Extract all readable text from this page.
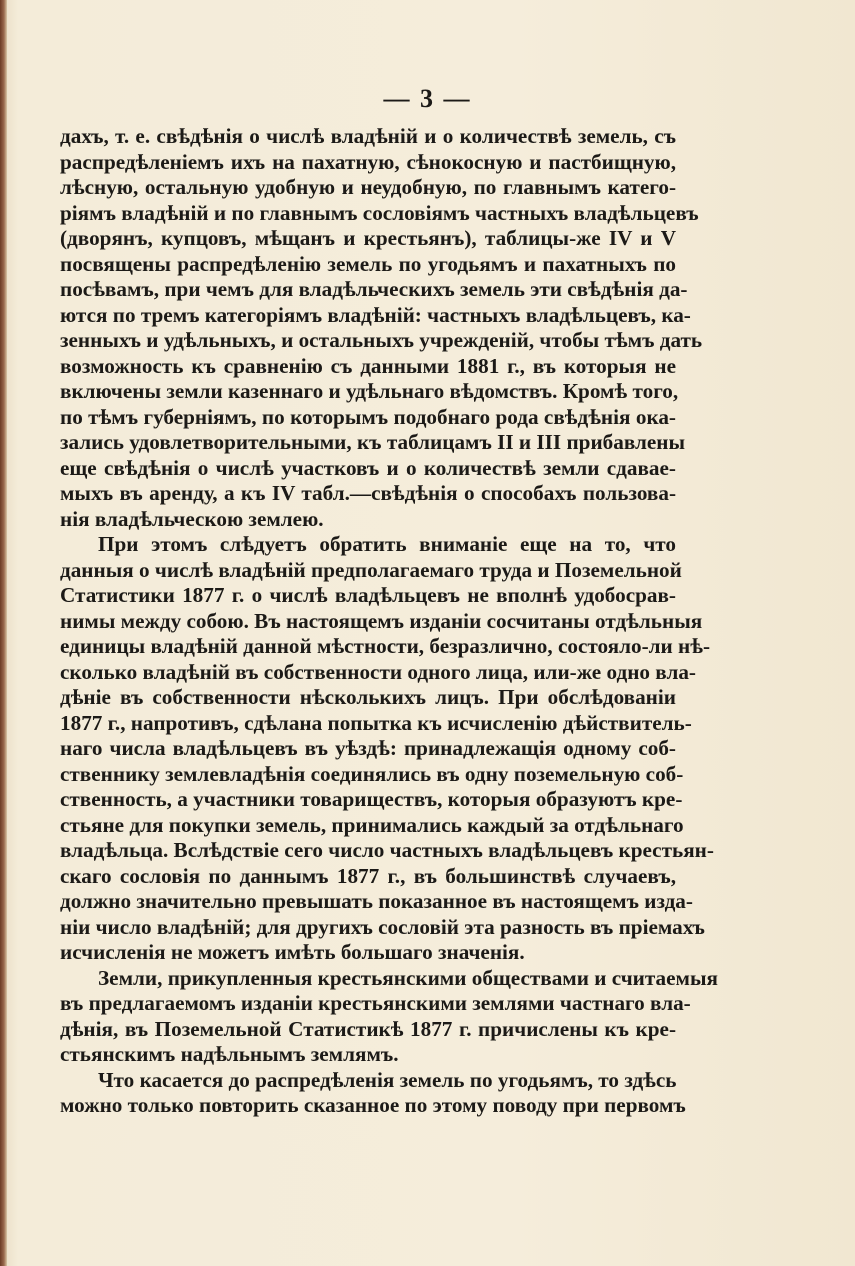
— 3 —
дахъ, т. е. свѣдѣнія о числѣ владѣній и о количествѣ земель, съ
распредѣленіемъ ихъ на пахатную, сѣнокосную и пастбищную,
лѣсную, остальную удобную и неудобную, по главнымъ катего-
ріямъ владѣній и по главнымъ сословіямъ частныхъ владѣльцевъ
(дворянъ, купцовъ, мѣщанъ и крестьянъ), таблицы-же IV и V
посвящены распредѣленію земель по угодьямъ и пахатныхъ по
посѣвамъ, при чемъ для владѣльческихъ земель эти свѣдѣнія да-
ются по тремъ категоріямъ владѣній: частныхъ владѣльцевъ, ка-
зенныхъ и удѣльныхъ, и остальныхъ учрежденій, чтобы тѣмъ дать
возможность къ сравненію съ данными 1881 г., въ которыя не
включены земли казеннаго и удѣльнаго вѣдомствъ. Кромѣ того,
по тѣмъ губерніямъ, по которымъ подобнаго рода свѣдѣнія ока-
зались удовлетворительными, къ таблицамъ II и III прибавлены
еще свѣдѣнія о числѣ участковъ и о количествѣ земли сдавае-
мыхъ въ аренду, а къ IV табл.—свѣдѣнія о способахъ пользова-
нія владѣльческою землею.
При этомъ слѣдуетъ обратить вниманіе еще на то, что
данныя о числѣ владѣній предполагаемаго труда и Поземельной
Статистики 1877 г. о числѣ владѣльцевъ не вполнѣ удобосрав-
нимы между собою. Въ настоящемъ изданіи сосчитаны отдѣльныя
единицы владѣній данной мѣстности, безразлично, состояло-ли нѣ-
сколько владѣній въ собственности одного лица, или-же одно вла-
дѣніе въ собственности нѣсколькихъ лицъ. При обслѣдованіи
1877 г., напротивъ, сдѣлана попытка къ исчисленію дѣйствитель-
наго числа владѣльцевъ въ уѣздѣ: принадлежащія одному соб-
ственнику землевладѣнія соединялись въ одну поземельную соб-
ственность, а участники товариществъ, которыя образуютъ кре-
стьяне для покупки земель, принимались каждый за отдѣльнаго
владѣльца. Вслѣдствіе сего число частныхъ владѣльцевъ крестьян-
скаго сословія по даннымъ 1877 г., въ большинствѣ случаевъ,
должно значительно превышать показанное въ настоящемъ изда-
ніи число владѣній; для другихъ сословій эта разность въ пріемахъ
исчисленія не можетъ имѣть большаго значенія.
Земли, прикупленныя крестьянскими обществами и считаемыя
въ предлагаемомъ изданіи крестьянскими землями частнаго вла-
дѣнія, въ Поземельной Статистикѣ 1877 г. причислены къ кре-
стьянскимъ надѣльнымъ землямъ.
Что касается до распредѣленія земель по угодьямъ, то здѣсь
можно только повторить сказанное по этому поводу при первомъ
